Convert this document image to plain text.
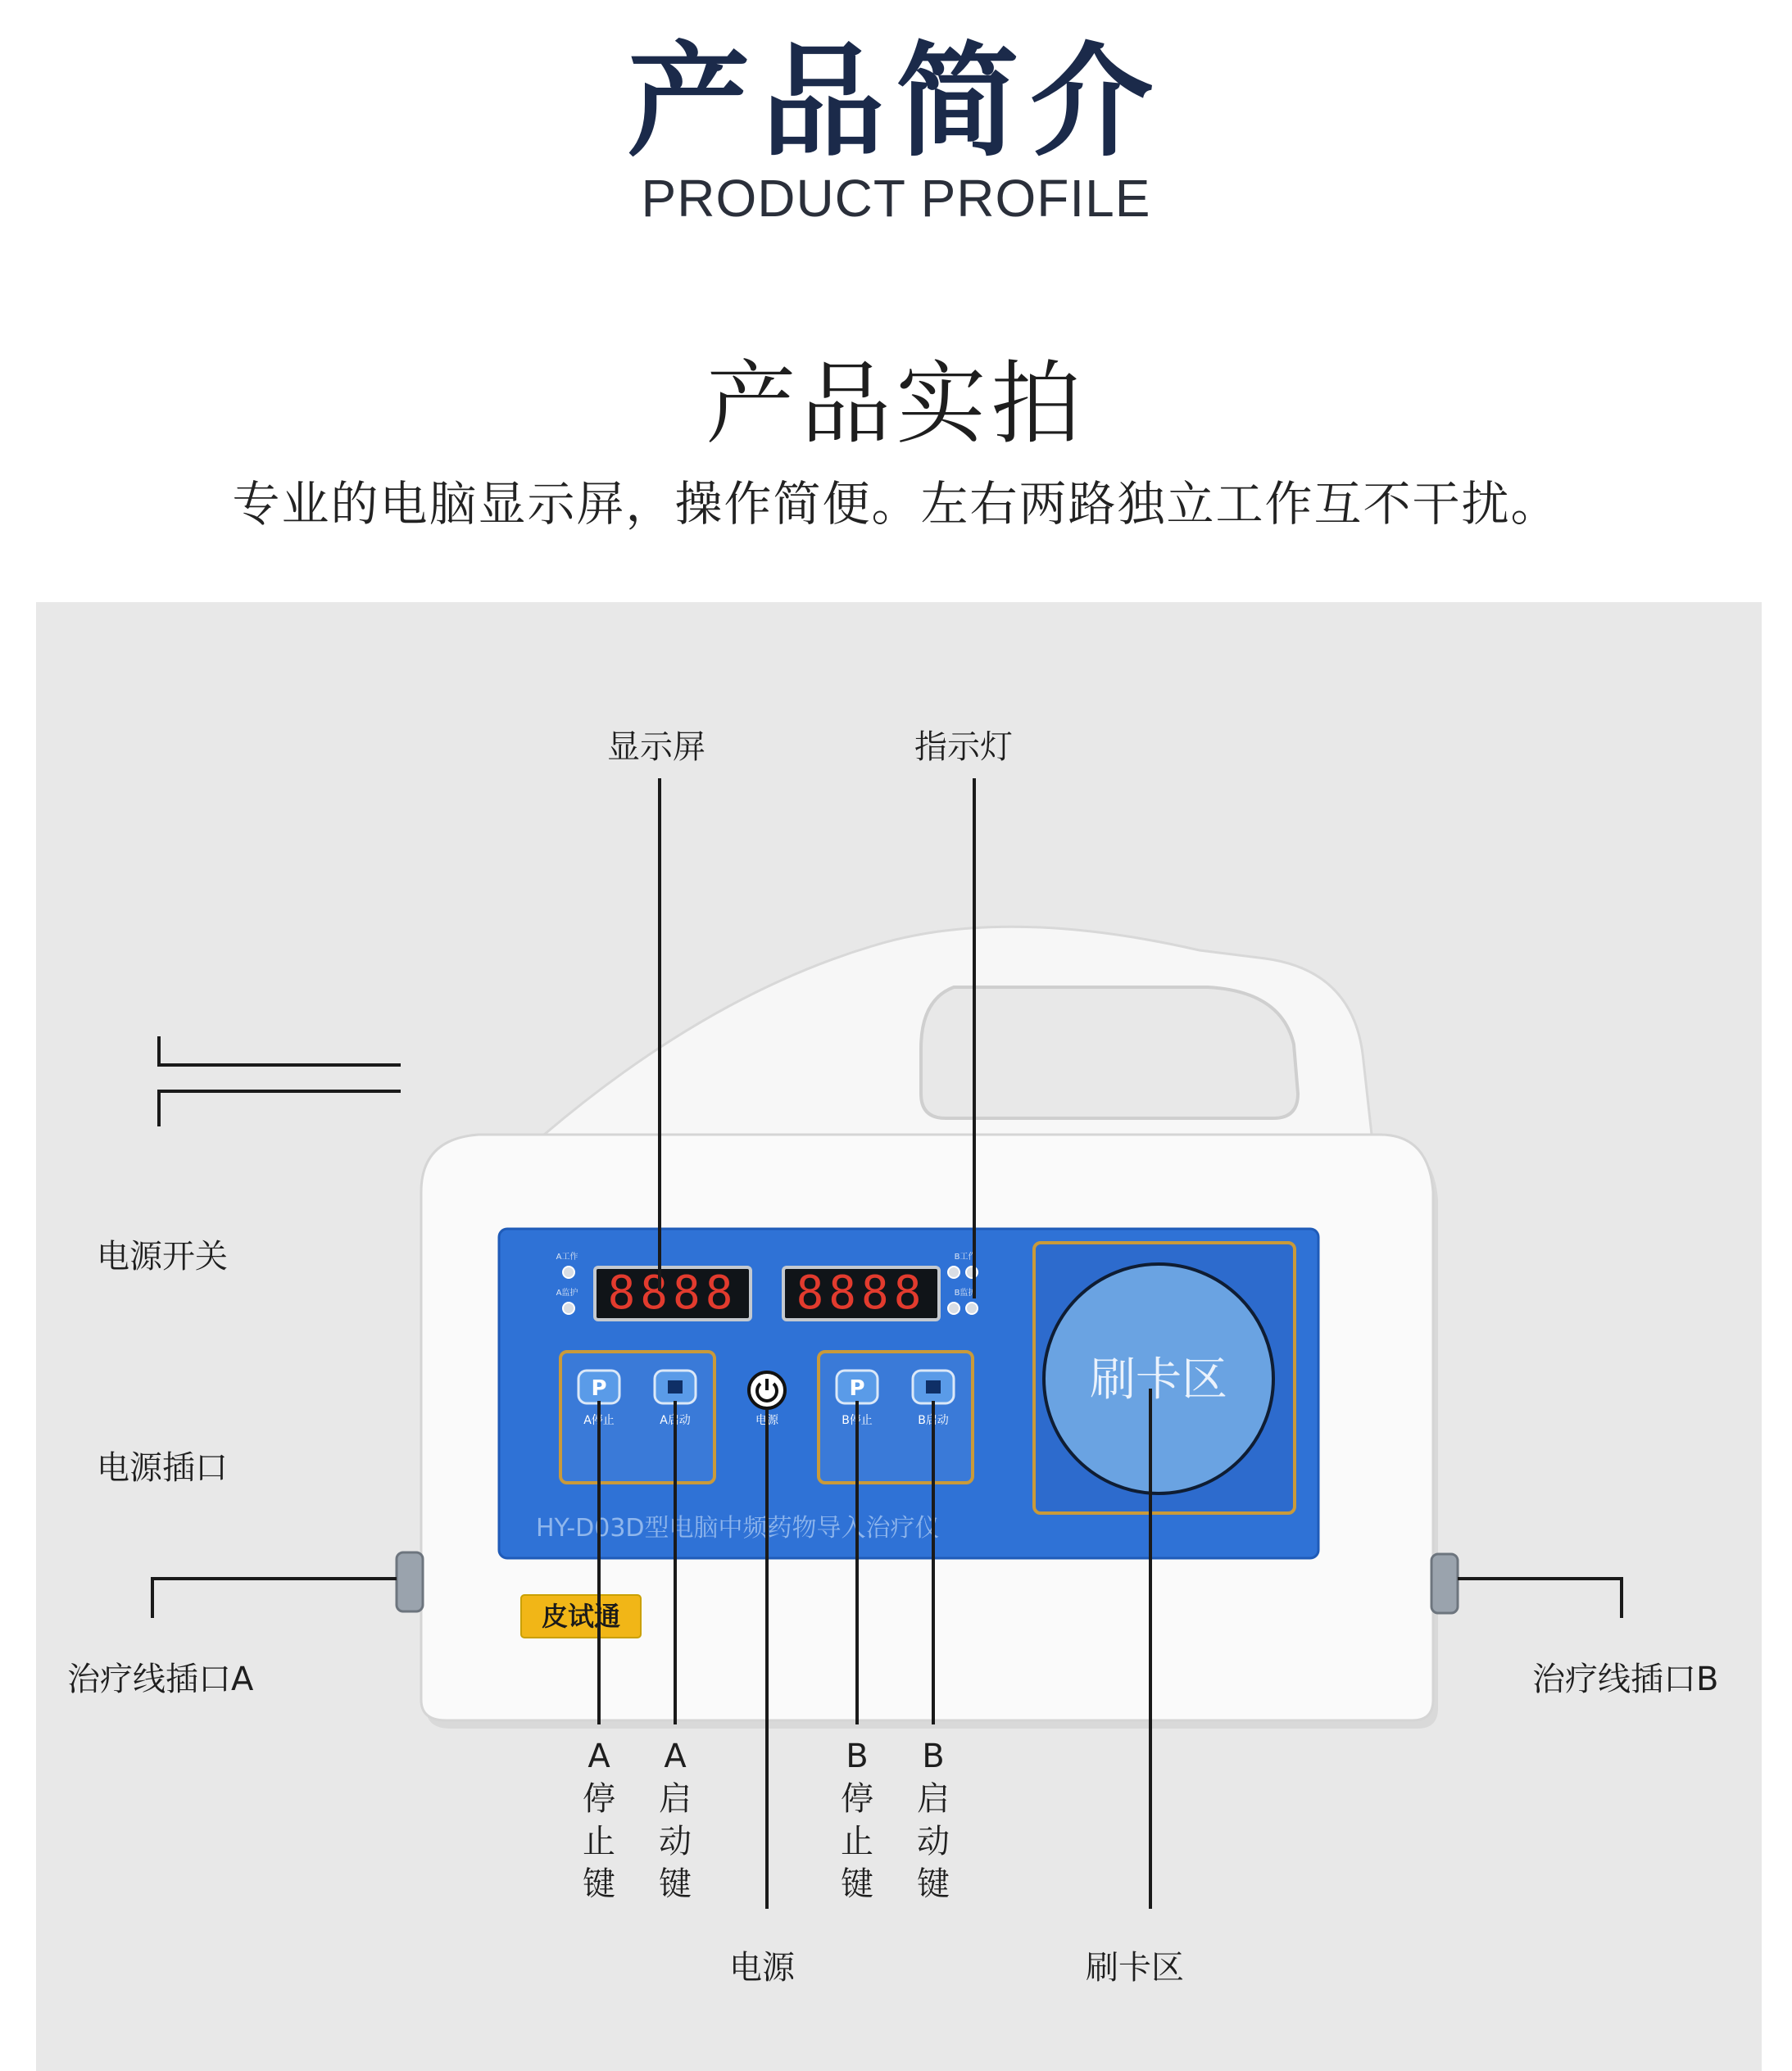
产品简介
PRODUCT PROFILE
产品实拍
专业的电脑显示屏，操作简便。左右两路独立工作互不干扰。
8888 8888
A工作
A监护
B工作
B监护
P
A停止	A启动	电源
P
B停止	B启动
HY-D03D型电脑中频药物导入治疗仪
刷卡区
皮试通
显示屏	指示灯
电源开关
电源插口
治疗线插口A	治疗线插口B
A停止键
A启动键
B停止键
B启动键
电源	刷卡区
